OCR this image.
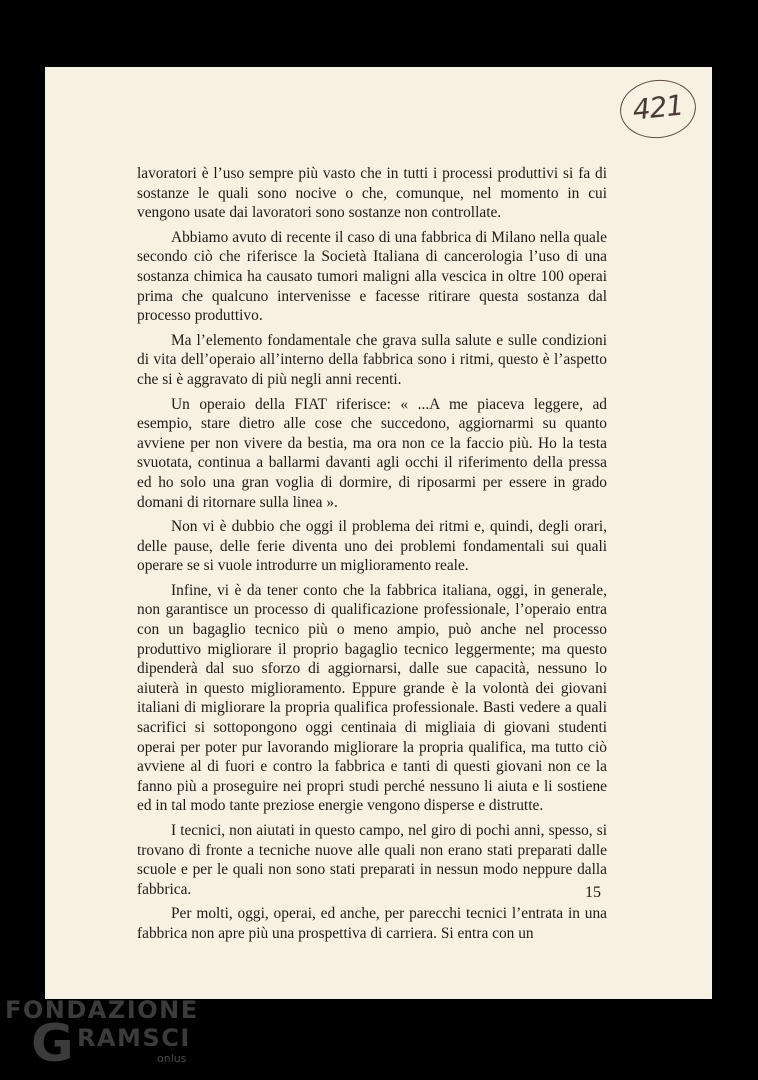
421

lavoratori è l’uso sempre più vasto che in tutti i processi produttivi si fa di sostanze le quali sono nocive o che, comunque, nel momento in cui vengono usate dai lavoratori sono sostanze non controllate.

Abbiamo avuto di recente il caso di una fabbrica di Milano nella quale secondo ciò che riferisce la Società Italiana di cancerologia l’uso di una sostanza chimica ha causato tumori maligni alla vescica in oltre 100 operai prima che qualcuno intervenisse e facesse ritirare questa sostanza dal processo produttivo.

Ma l’elemento fondamentale che grava sulla salute e sulle condizioni di vita dell’operaio all’interno della fabbrica sono i ritmi, questo è l’aspetto che si è aggravato di più negli anni recenti.

Un operaio della FIAT riferisce: « ...A me piaceva leggere, ad esempio, stare dietro alle cose che succedono, aggiornarmi su quanto avviene per non vivere da bestia, ma ora non ce la faccio più. Ho la testa svuotata, continua a ballarmi davanti agli occhi il riferimento della pressa ed ho solo una gran voglia di dormire, di riposarmi per essere in grado domani di ritornare sulla linea ».

Non vi è dubbio che oggi il problema dei ritmi e, quindi, degli orari, delle pause, delle ferie diventa uno dei problemi fondamentali sui quali operare se si vuole introdurre un miglioramento reale.

Infine, vi è da tener conto che la fabbrica italiana, oggi, in generale, non garantisce un processo di qualificazione professionale, l’operaio entra con un bagaglio tecnico più o meno ampio, può anche nel processo produttivo migliorare il proprio bagaglio tecnico leggermente; ma questo dipenderà dal suo sforzo di aggiornarsi, dalle sue capacità, nessuno lo aiuterà in questo miglioramento. Eppure grande è la volontà dei giovani italiani di migliorare la propria qualifica professionale. Basti vedere a quali sacrifici si sottopongono oggi centinaia di migliaia di giovani studenti operai per poter pur lavorando migliorare la propria qualifica, ma tutto ciò avviene al di fuori e contro la fabbrica e tanti di questi giovani non ce la fanno più a proseguire nei propri studi perché nessuno li aiuta e li sostiene ed in tal modo tante preziose energie vengono disperse e distrutte.

I tecnici, non aiutati in questo campo, nel giro di pochi anni, spesso, si trovano di fronte a tecniche nuove alle quali non erano stati preparati dalle scuole e per le quali non sono stati preparati in nessun modo neppure dalla fabbrica.

Per molti, oggi, operai, ed anche, per parecchi tecnici l’entrata in una fabbrica non apre più una prospettiva di carriera. Si entra con un

15
FONDAZIONE
G RAMSCI
onlus
